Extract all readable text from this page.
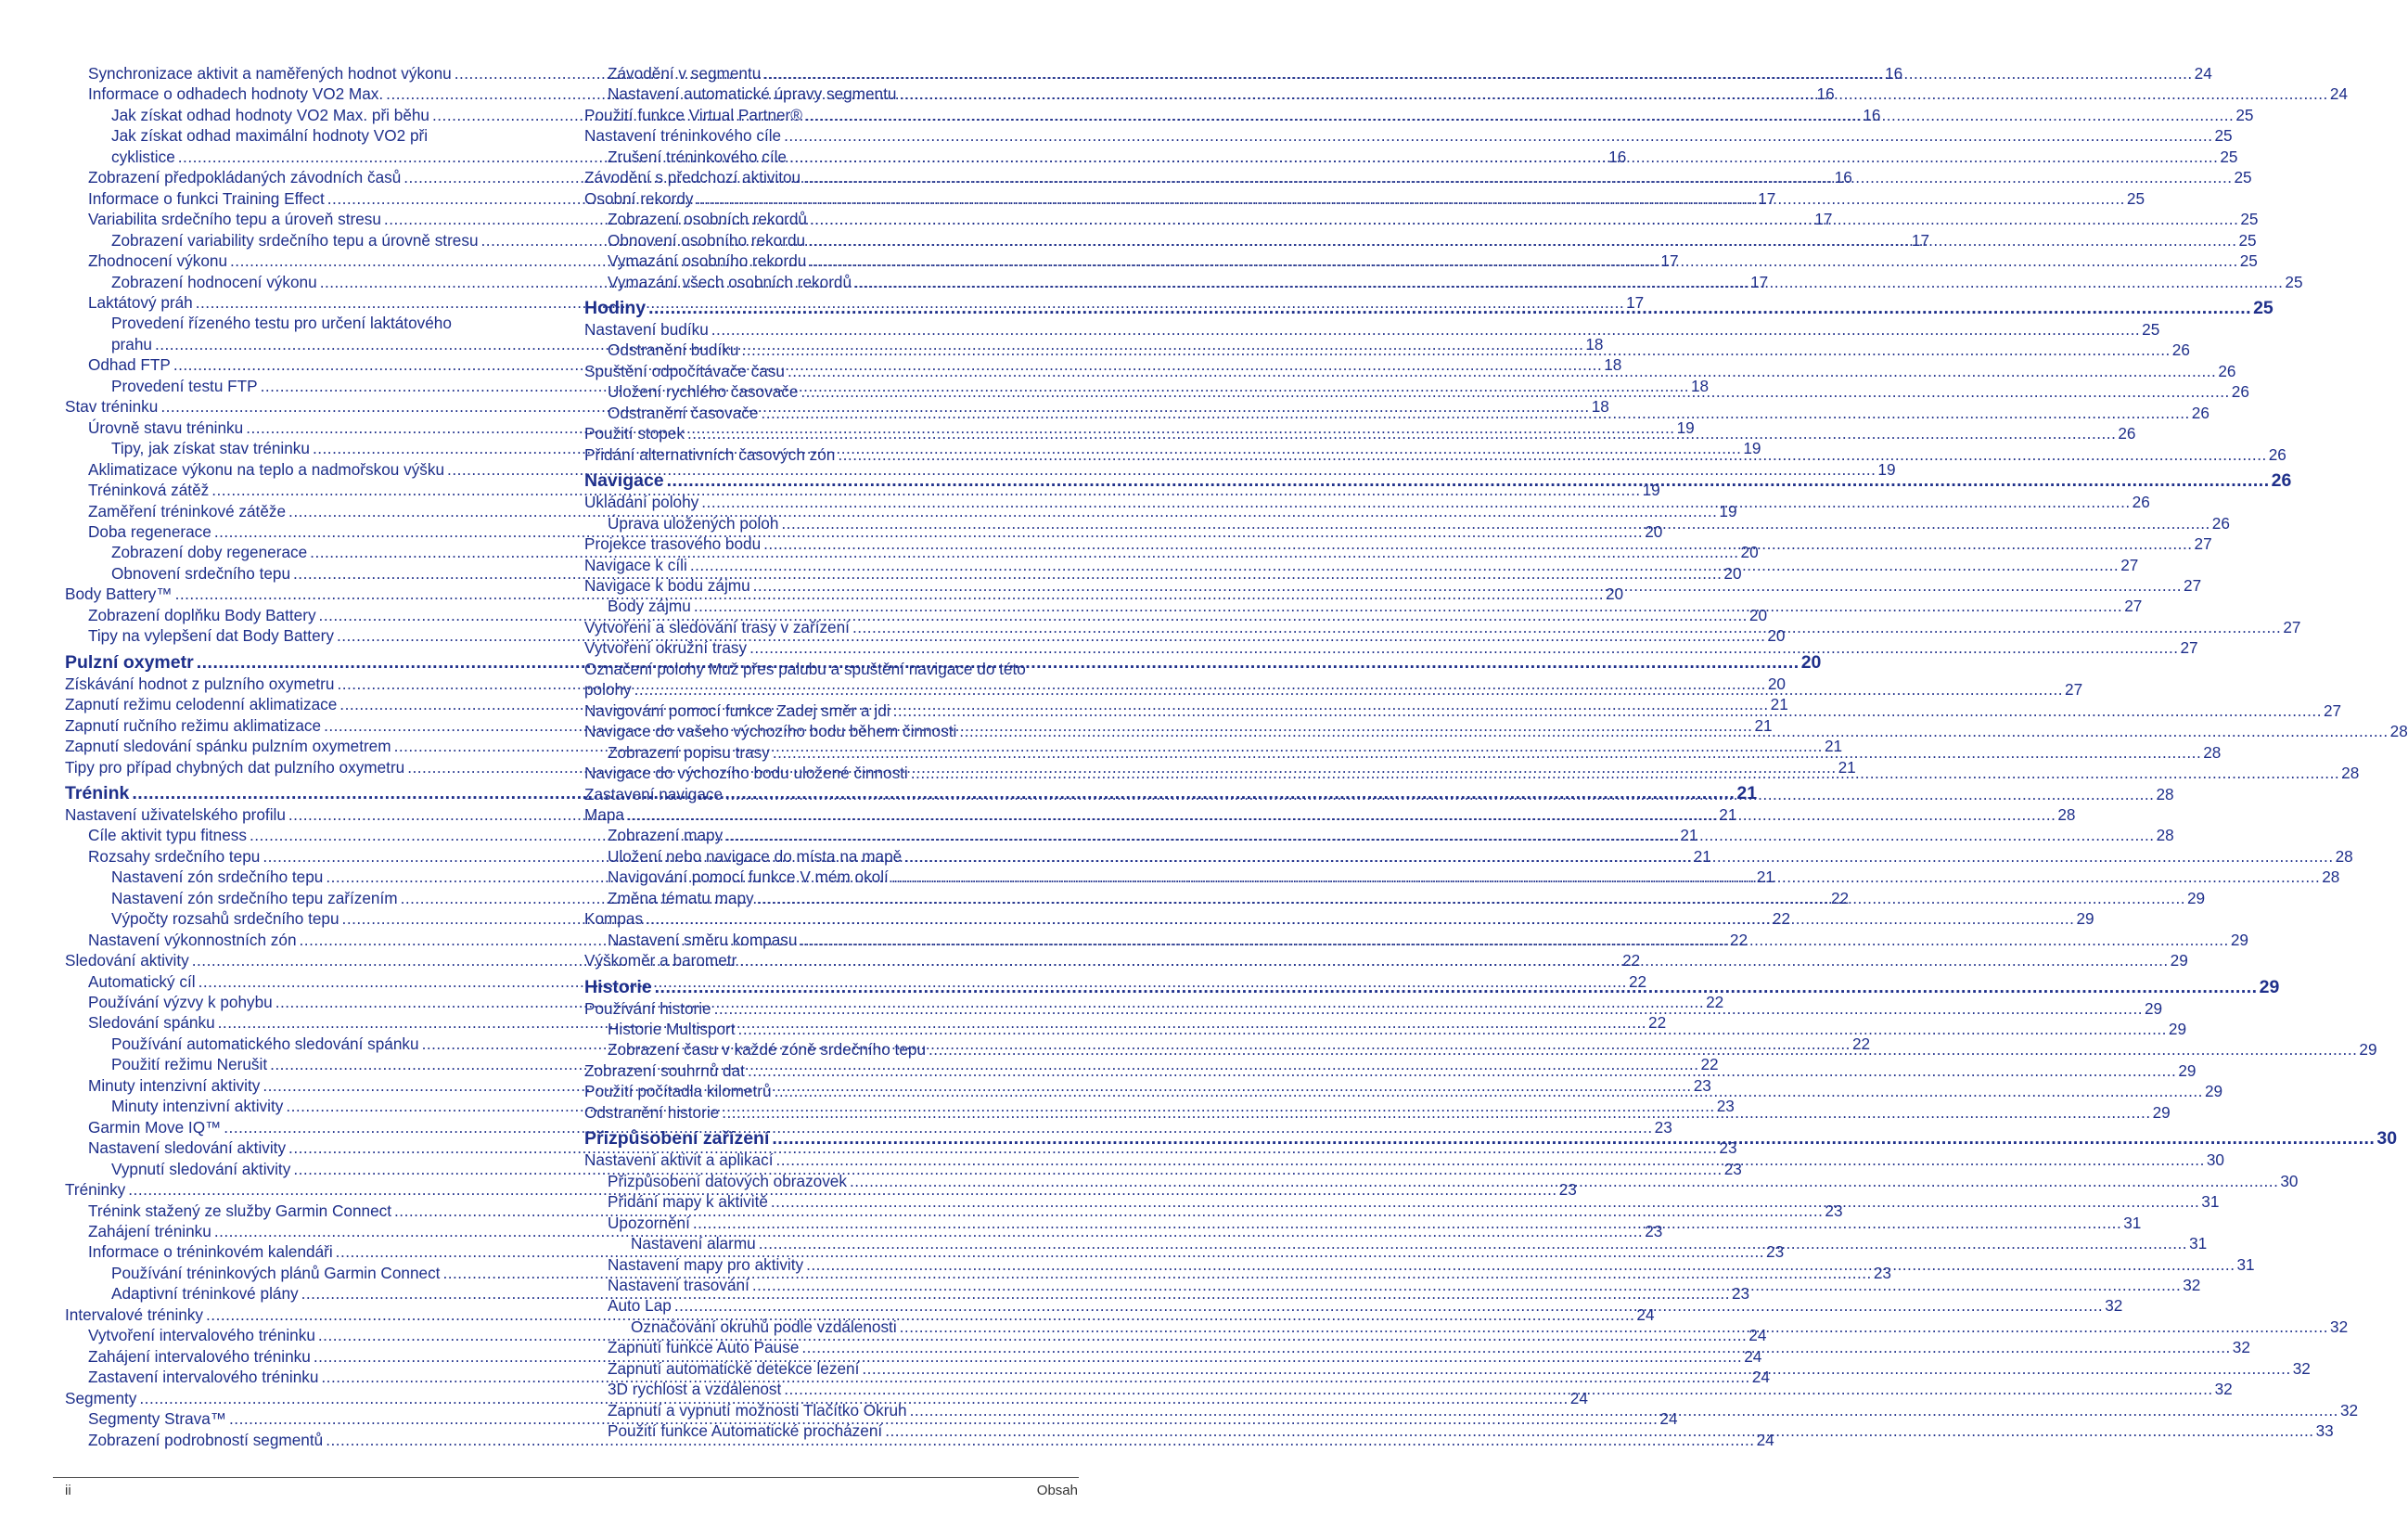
Synchronizace aktivit a naměřených hodnot výkonu .....	16
Informace o odhadech hodnoty VO2 Max. .....	16
Jak získat odhad hodnoty VO2 Max. při běhu .....	16
Jak získat odhad maximální hodnoty VO2 při
cyklistice .....	16
Zobrazení předpokládaných závodních časů .....	16
Informace o funkci Training Effect .....	17
Variabilita srdečního tepu a úroveň stresu .....	17
Zobrazení variability srdečního tepu a úrovně stresu .....	17
Zhodnocení výkonu .....	17
Zobrazení hodnocení výkonu .....	17
Laktátový práh .....	17
Provedení řízeného testu pro určení laktátového
prahu .....	18
Odhad FTP .....	18
Provedení testu FTP .....	18
Stav tréninku .....	18
Úrovně stavu tréninku .....	19
Tipy, jak získat stav tréninku .....	19
Aklimatizace výkonu na teplo a nadmořskou výšku .....	19
Tréninková zátěž .....	19
Zaměření tréninkové zátěže .....	19
Doba regenerace .....	20
Zobrazení doby regenerace .....	20
Obnovení srdečního tepu .....	20
Body Battery™ .....	20
Zobrazení doplňku Body Battery .....	20
Tipy na vylepšení dat Body Battery .....	20
Pulzní oxymetr .....	20
Získávání hodnot z pulzního oxymetru .....	20
Zapnutí režimu celodenní aklimatizace .....	21
Zapnutí ručního režimu aklimatizace .....	21
Zapnutí sledování spánku pulzním oxymetrem .....	21
Tipy pro případ chybných dat pulzního oxymetru .....	21
Trénink .....	21
Nastavení uživatelského profilu .....	21
Cíle aktivit typu fitness .....	21
Rozsahy srdečního tepu .....	21
Nastavení zón srdečního tepu .....	21
Nastavení zón srdečního tepu zařízením .....	22
Výpočty rozsahů srdečního tepu .....	22
Nastavení výkonnostních zón .....	22
Sledování aktivity .....	22
Automatický cíl .....	22
Používání výzvy k pohybu .....	22
Sledování spánku .....	22
Používání automatického sledování spánku .....	22
Použití režimu Nerušit .....	22
Minuty intenzivní aktivity .....	23
Minuty intenzivní aktivity .....	23
Garmin Move IQ™ .....	23
Nastavení sledování aktivity .....	23
Vypnutí sledování aktivity .....	23
Tréninky .....	23
Trénink stažený ze služby Garmin Connect .....	23
Zahájení tréninku .....	23
Informace o tréninkovém kalendáři .....	23
Používání tréninkových plánů Garmin Connect .....	23
Adaptivní tréninkové plány .....	23
Intervalové tréninky .....	24
Vytvoření intervalového tréninku .....	24
Zahájení intervalového tréninku .....	24
Zastavení intervalového tréninku .....	24
Segmenty .....	24
Segmenty Strava™ .....	24
Zobrazení podrobností segmentů .....	24
Závodění v segmentu .....	24
Nastavení automatické úpravy segmentu .....	24
Použití funkce Virtual Partner® .....	25
Nastavení tréninkového cíle .....	25
Zrušení tréninkového cíle .....	25
Závodění s předchozí aktivitou .....	25
Osobní rekordy .....	25
Zobrazení osobních rekordů .....	25
Obnovení osobního rekordu .....	25
Vymazání osobního rekordu .....	25
Vymazání všech osobních rekordů .....	25
Hodiny .....	25
Nastavení budíku .....	25
Odstranění budíku .....	26
Spuštění odpočítávače času .....	26
Uložení rychlého časovače .....	26
Odstranění časovače .....	26
Použití stopek .....	26
Přidání alternativních časových zón .....	26
Navigace .....	26
Ukládání polohy .....	26
Úprava uložených poloh .....	26
Projekce trasového bodu .....	27
Navigace k cíli .....	27
Navigace k bodu zájmu .....	27
Body zájmu .....	27
Vytvoření a sledování trasy v zařízení .....	27
Vytvoření okružní trasy .....	27
Označení polohy Muž přes palubu a spuštění navigace do této
polohy .....	27
Navigování pomocí funkce Zadej směr a jdi .....	27
Navigace do vašeho výchozího bodu během činnosti .....	28
Zobrazení popisu trasy .....	28
Navigace do výchozího bodu uložené činnosti .....	28
Zastavení navigace .....	28
Mapa .....	28
Zobrazení mapy .....	28
Uložení nebo navigace do místa na mapě .....	28
Navigování pomocí funkce V mém okolí .....	28
Změna tématu mapy .....	29
Kompas .....	29
Nastavení směru kompasu .....	29
Výškoměr a barometr .....	29
Historie .....	29
Používání historie .....	29
Historie Multisport .....	29
Zobrazení času v každé zóně srdečního tepu .....	29
Zobrazení souhrnů dat .....	29
Použití počítadla kilometrů .....	29
Odstranění historie .....	29
Přizpůsobení zařízení .....	30
Nastavení aktivit a aplikací .....	30
Přizpůsobení datových obrazovek .....	30
Přidání mapy k aktivitě .....	31
Upozornění .....	31
Nastavení alarmu .....	31
Nastavení mapy pro aktivity .....	31
Nastavení trasování .....	32
Auto Lap .....	32
Označování okruhů podle vzdálenosti .....	32
Zapnutí funkce Auto Pause .....	32
Zapnutí automatické detekce lezení .....	32
3D rychlost a vzdálenost .....	32
Zapnutí a vypnutí možnosti Tlačítko Okruh .....	32
Použití funkce Automatické procházení .....	33
ii	Obsah
